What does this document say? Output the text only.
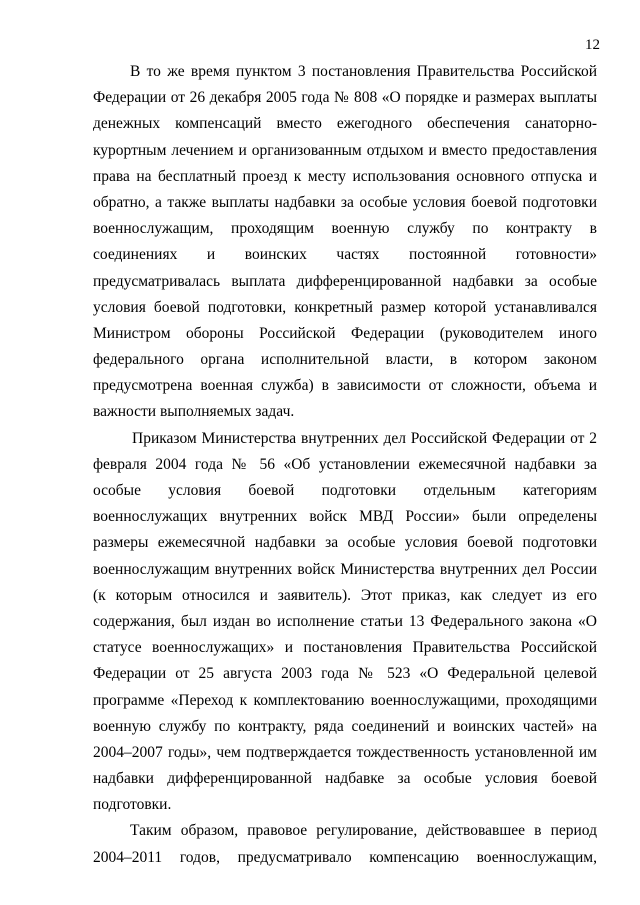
12

В то же время пунктом 3 постановления Правительства Российской
Федерации от 26 декабря 2005 года № 808 «О порядке и размерах выплаты
денежных компенсаций вместо ежегодного обеспечения санаторно-
курортным лечением и организованным отдыхом и вместо предоставления
права на бесплатный проезд к месту использования основного отпуска и
обратно, а также выплаты надбавки за особые условия боевой подготовки
военнослужащим, проходящим военную службу по контракту в
соединениях и воинских частях постоянной готовности»
предусматривалась выплата дифференцированной надбавки за особые
условия боевой подготовки, конкретный размер которой устанавливался
Министром обороны Российской Федерации (руководителем иного
федерального органа исполнительной власти, в котором законом
предусмотрена военная служба) в зависимости от сложности, объема и
важности выполняемых задач.

Приказом Министерства внутренних дел Российской Федерации от 2
февраля 2004 года № 56 «Об установлении ежемесячной надбавки за
особые условия боевой подготовки отдельным категориям
военнослужащих внутренних войск МВД России» были определены
размеры ежемесячной надбавки за особые условия боевой подготовки
военнослужащим внутренних войск Министерства внутренних дел России
(к которым относился и заявитель). Этот приказ, как следует из его
содержания, был издан во исполнение статьи 13 Федерального закона «О
статусе военнослужащих» и постановления Правительства Российской
Федерации от 25 августа 2003 года № 523 «О Федеральной целевой
программе «Переход к комплектованию военнослужащими, проходящими
военную службу по контракту, ряда соединений и воинских частей» на
2004–2007 годы», чем подтверждается тождественность установленной им
надбавки дифференцированной надбавке за особые условия боевой
подготовки.

Таким образом, правовое регулирование, действовавшее в период
2004–2011 годов, предусматривало компенсацию военнослужащим,
